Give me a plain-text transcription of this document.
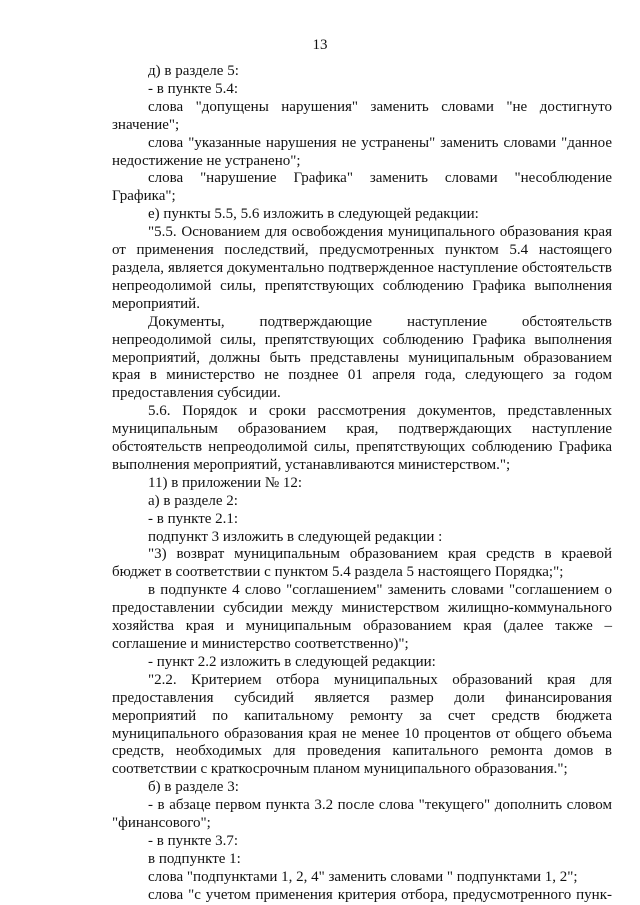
13

д) в разделе 5:

- в пункте 5.4:

слова "допущены нарушения" заменить словами "не достигнуто значение";

слова "указанные нарушения не устранены" заменить словами "данное недостижение не устранено";

слова "нарушение Графика" заменить словами "несоблюдение Графика";

е) пункты 5.5, 5.6 изложить в следующей редакции:

"5.5. Основанием для освобождения муниципального образования края от применения последствий, предусмотренных пунктом 5.4 настоящего раздела, является документально подтвержденное наступление обстоятельств непреодолимой силы, препятствующих соблюдению Графика выполнения мероприятий.

Документы, подтверждающие наступление обстоятельств непреодолимой силы, препятствующих соблюдению Графика выполнения мероприятий, должны быть представлены муниципальным образованием края в министерство не позднее 01 апреля года, следующего за годом предоставления субсидии.

5.6. Порядок и сроки рассмотрения документов, представленных муниципальным образованием края, подтверждающих наступление обстоятельств непреодолимой силы, препятствующих соблюдению Графика выполнения мероприятий, устанавливаются министерством.";

11) в приложении № 12:

а) в разделе 2:

- в пункте 2.1:

подпункт 3 изложить в следующей редакции :

"3) возврат муниципальным образованием края средств в краевой бюджет в соответствии с пунктом 5.4 раздела 5 настоящего Порядка;";

в подпункте 4 слово "соглашением" заменить словами "соглашением о предоставлении субсидии между министерством жилищно-коммунального хозяйства края и муниципальным образованием края (далее также – соглашение и министерство соответственно)";

- пункт 2.2 изложить в следующей редакции:

"2.2. Критерием отбора муниципальных образований края для предоставления субсидий является размер доли финансирования мероприятий по капитальному ремонту за счет средств бюджета муниципального образования края не менее 10 процентов от общего объема средств, необходимых для проведения капитального ремонта домов в соответствии с краткосрочным планом муниципального образования.";

б) в разделе 3:

- в абзаце первом пункта 3.2 после слова "текущего" дополнить словом "финансового";

- в пункте 3.7:

в подпункте 1:

слова "подпунктами 1, 2, 4" заменить словами " подпунктами 1, 2";

слова "с учетом применения критерия отбора, предусмотренного пунк-
